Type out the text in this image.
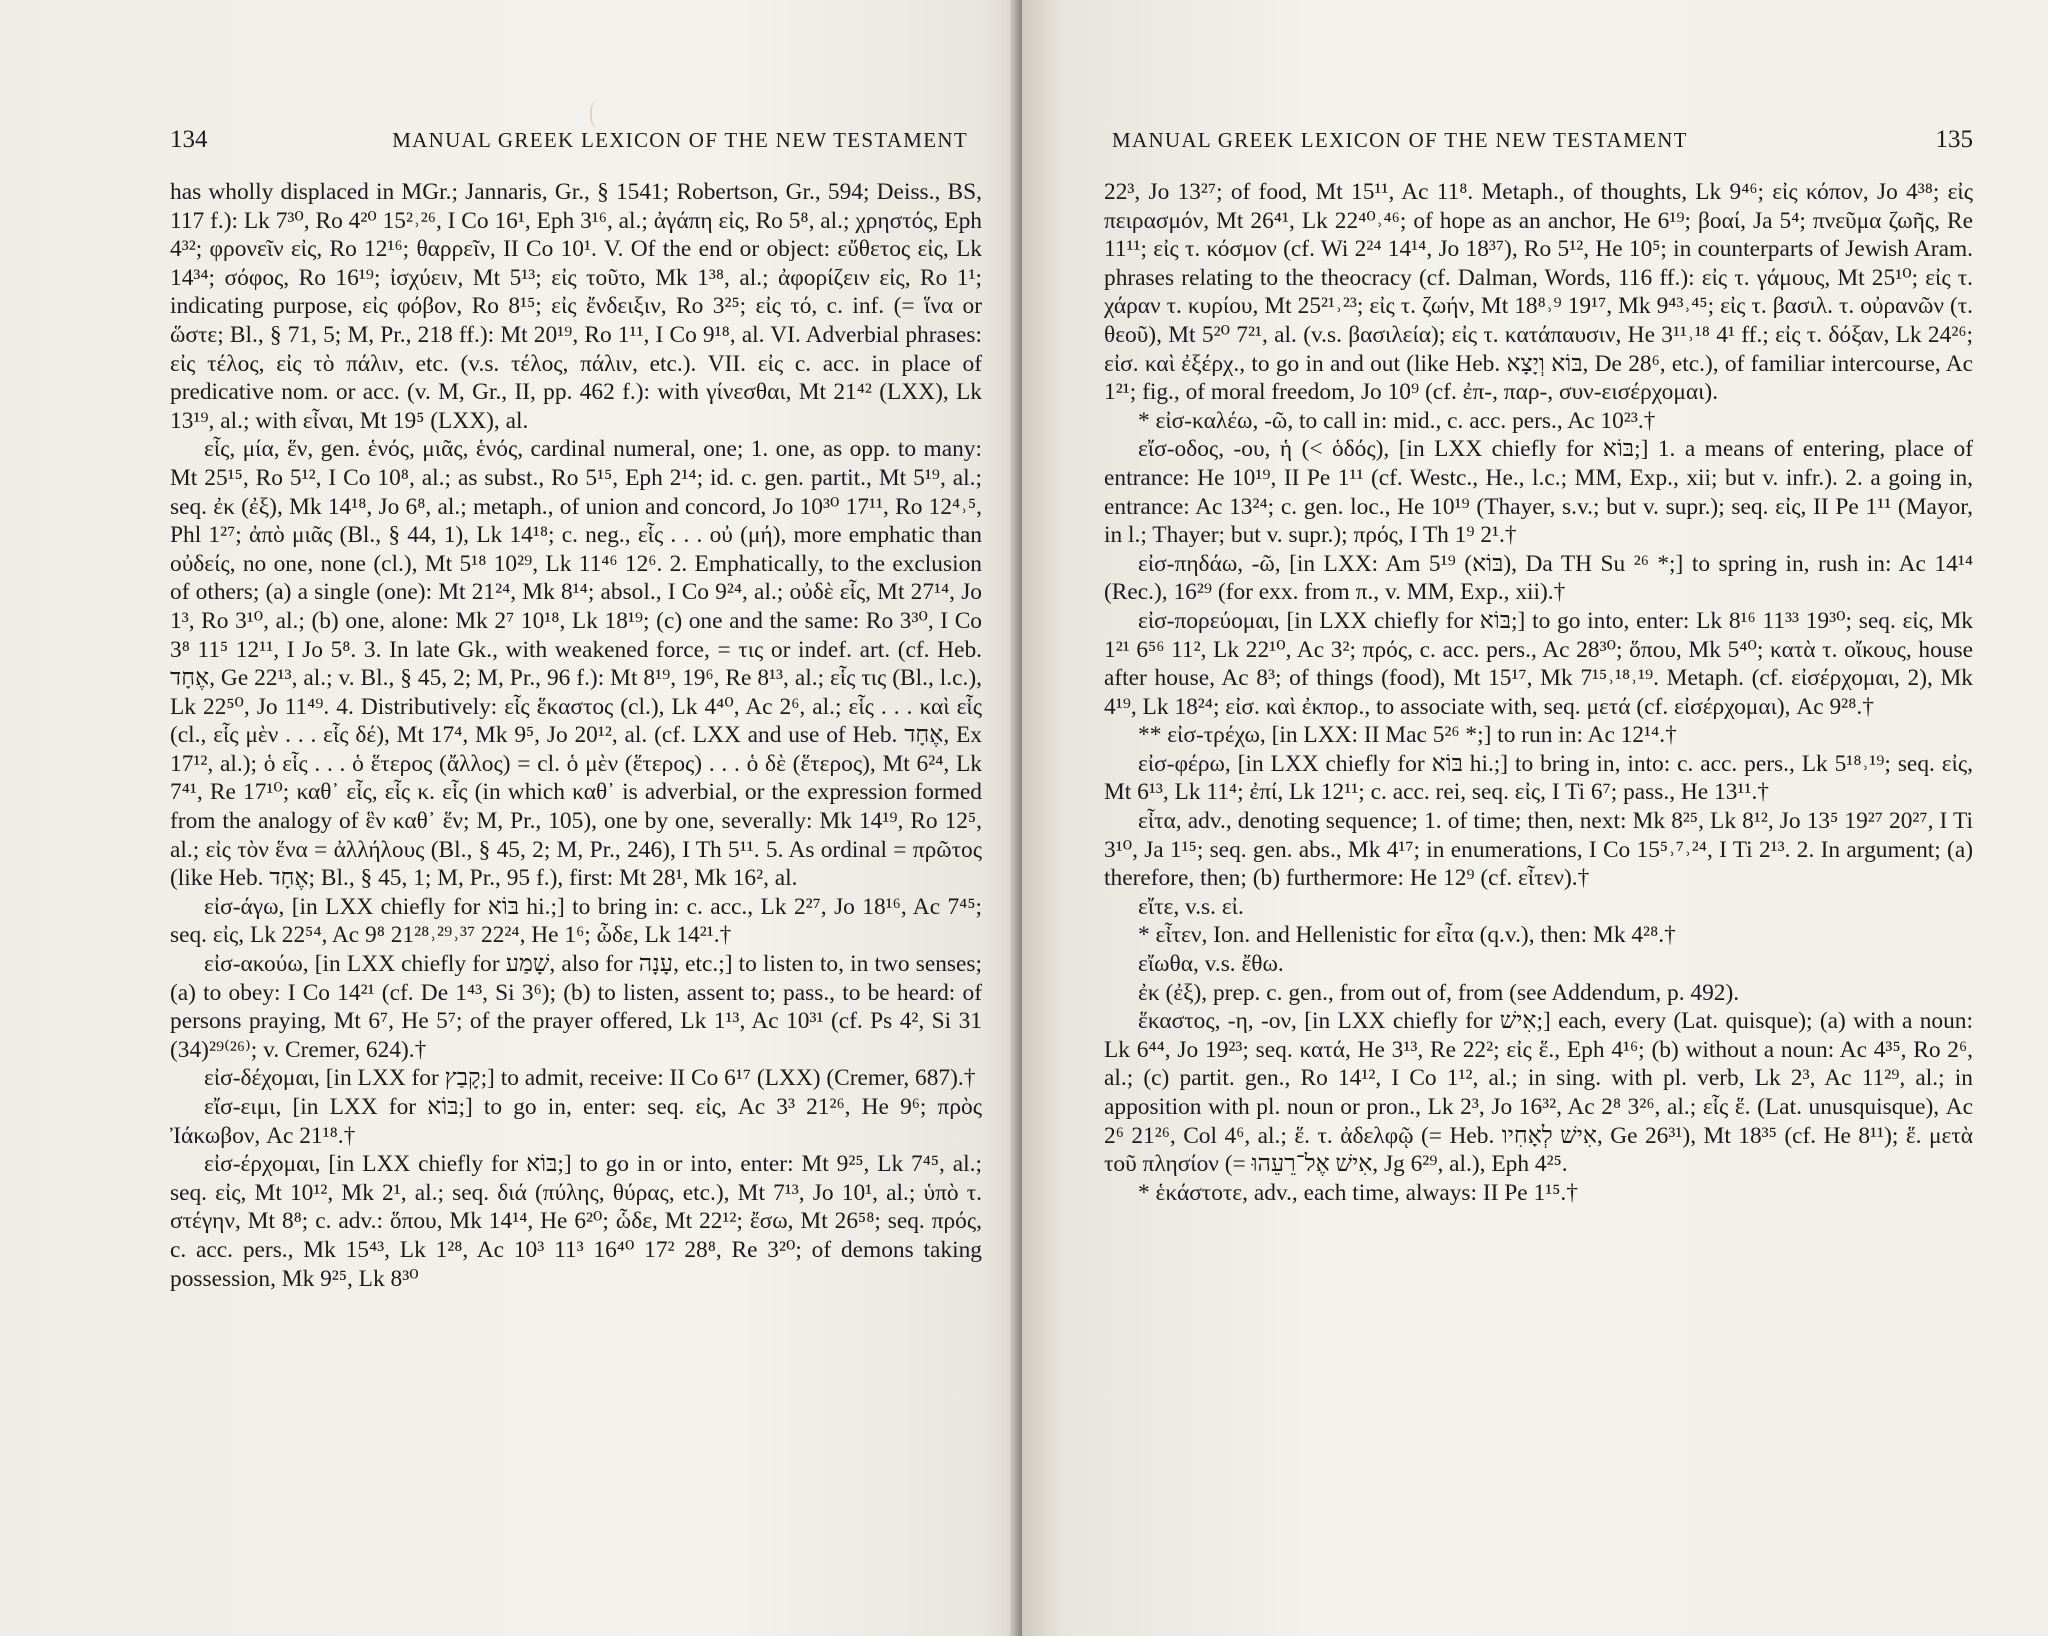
134	MANUAL GREEK LEXICON OF THE NEW TESTAMENT

has wholly displaced in MGr.; Jannaris, Gr., § 1541; Robertson, Gr., 594; Deiss., BS, 117 f.): Lk 7³⁰, Ro 4²⁰ 15²˒²⁶, I Co 16¹, Eph 3¹⁶, al.; ἀγάπη εἰς, Ro 5⁸, al.; χρηστός, Eph 4³²; φρονεῖν εἰς, Ro 12¹⁶; θαρρεῖν, II Co 10¹. V. Of the end or object: εὔθετος εἰς, Lk 14³⁴; σόφος, Ro 16¹⁹; ἰσχύειν, Mt 5¹³; εἰς τοῦτο, Mk 1³⁸, al.; ἀφορίζειν εἰς, Ro 1¹; indicating purpose, εἰς φόβον, Ro 8¹⁵; εἰς ἔνδειξιν, Ro 3²⁵; εἰς τό, c. inf. (= ἵνα or ὥστε; Bl., § 71, 5; M, Pr., 218 ff.): Mt 20¹⁹, Ro 1¹¹, I Co 9¹⁸, al. VI. Adverbial phrases: εἰς τέλος, εἰς τὸ πάλιν, etc. (v.s. τέλος, πάλιν, etc.). VII. εἰς c. acc. in place of predicative nom. or acc. (v. M, Gr., II, pp. 462 f.): with γίνεσθαι, Mt 21⁴² (LXX), Lk 13¹⁹, al.; with εἶναι, Mt 19⁵ (LXX), al.

εἷς, μία, ἕν, gen. ἑνός, μιᾶς, ἑνός, cardinal numeral, one; 1. one, as opp. to many: Mt 25¹⁵, Ro 5¹², I Co 10⁸, al.; as subst., Ro 5¹⁵, Eph 2¹⁴; id. c. gen. partit., Mt 5¹⁹, al.; seq. ἐκ (ἐξ), Mk 14¹⁸, Jo 6⁸, al.; metaph., of union and concord, Jo 10³⁰ 17¹¹, Ro 12⁴˒⁵, Phl 1²⁷; ἀπὸ μιᾶς (Bl., § 44, 1), Lk 14¹⁸; c. neg., εἷς . . . οὐ (μή), more emphatic than οὐδείς, no one, none (cl.), Mt 5¹⁸ 10²⁹, Lk 11⁴⁶ 12⁶. 2. Emphatically, to the exclusion of others; (a) a single (one): Mt 21²⁴, Mk 8¹⁴; absol., I Co 9²⁴, al.; οὐδὲ εἷς, Mt 27¹⁴, Jo 1³, Ro 3¹⁰, al.; (b) one, alone: Mk 2⁷ 10¹⁸, Lk 18¹⁹; (c) one and the same: Ro 3³⁰, I Co 3⁸ 11⁵ 12¹¹, I Jo 5⁸. 3. In late Gk., with weakened force, = τις or indef. art. (cf. Heb. אֶחָד, Ge 22¹³, al.; v. Bl., § 45, 2; M, Pr., 96 f.): Mt 8¹⁹, 19⁶, Re 8¹³, al.; εἷς τις (Bl., l.c.), Lk 22⁵⁰, Jo 11⁴⁹. 4. Distributively: εἷς ἕκαστος (cl.), Lk 4⁴⁰, Ac 2⁶, al.; εἷς . . . καὶ εἷς (cl., εἷς μὲν . . . εἷς δέ), Mt 17⁴, Mk 9⁵, Jo 20¹², al. (cf. LXX and use of Heb. אֶחָד, Ex 17¹², al.); ὁ εἷς . . . ὁ ἕτερος (ἄλλος) = cl. ὁ μὲν (ἕτερος) . . . ὁ δὲ (ἕτερος), Mt 6²⁴, Lk 7⁴¹, Re 17¹⁰; καθ᾽ εἷς, εἷς κ. εἷς (in which καθ᾽ is adverbial, or the expression formed from the analogy of ἓν καθ᾽ ἕν; M, Pr., 105), one by one, severally: Mk 14¹⁹, Ro 12⁵, al.; εἰς τὸν ἕνα = ἀλλήλους (Bl., § 45, 2; M, Pr., 246), I Th 5¹¹. 5. As ordinal = πρῶτος (like Heb. אֶחָד; Bl., § 45, 1; M, Pr., 95 f.), first: Mt 28¹, Mk 16², al.

εἰσ-άγω, [in LXX chiefly for בּוֹא hi.;] to bring in: c. acc., Lk 2²⁷, Jo 18¹⁶, Ac 7⁴⁵; seq. εἰς, Lk 22⁵⁴, Ac 9⁸ 21²⁸˒²⁹˒³⁷ 22²⁴, He 1⁶; ὧδε, Lk 14²¹.†

εἰσ-ακούω, [in LXX chiefly for שָׁמַע, also for עָנָה, etc.;] to listen to, in two senses; (a) to obey: I Co 14²¹ (cf. De 1⁴³, Si 3⁶); (b) to listen, assent to; pass., to be heard: of persons praying, Mt 6⁷, He 5⁷; of the prayer offered, Lk 1¹³, Ac 10³¹ (cf. Ps 4², Si 31 (34)²⁹⁽²⁶⁾; v. Cremer, 624).†

εἰσ-δέχομαι, [in LXX for קָבַץ;] to admit, receive: II Co 6¹⁷ (LXX) (Cremer, 687).†

εἴσ-ειμι, [in LXX for בּוֹא;] to go in, enter: seq. εἰς, Ac 3³ 21²⁶, He 9⁶; πρὸς Ἰάκωβον, Ac 21¹⁸.†

εἰσ-έρχομαι, [in LXX chiefly for בּוֹא;] to go in or into, enter: Mt 9²⁵, Lk 7⁴⁵, al.; seq. εἰς, Mt 10¹², Mk 2¹, al.; seq. διά (πύλης, θύρας, etc.), Mt 7¹³, Jo 10¹, al.; ὑπὸ τ. στέγην, Mt 8⁸; c. adv.: ὅπου, Mk 14¹⁴, He 6²⁰; ὧδε, Mt 22¹²; ἔσω, Mt 26⁵⁸; seq. πρός, c. acc. pers., Mk 15⁴³, Lk 1²⁸, Ac 10³ 11³ 16⁴⁰ 17² 28⁸, Re 3²⁰; of demons taking possession, Mk 9²⁵, Lk 8³⁰

MANUAL GREEK LEXICON OF THE NEW TESTAMENT	135

22³, Jo 13²⁷; of food, Mt 15¹¹, Ac 11⁸. Metaph., of thoughts, Lk 9⁴⁶; εἰς κόπον, Jo 4³⁸; εἰς πειρασμόν, Mt 26⁴¹, Lk 22⁴⁰˒⁴⁶; of hope as an anchor, He 6¹⁹; βοαί, Ja 5⁴; πνεῦμα ζωῆς, Re 11¹¹; εἰς τ. κόσμον (cf. Wi 2²⁴ 14¹⁴, Jo 18³⁷), Ro 5¹², He 10⁵; in counterparts of Jewish Aram. phrases relating to the theocracy (cf. Dalman, Words, 116 ff.): εἰς τ. γάμους, Mt 25¹⁰; εἰς τ. χάραν τ. κυρίου, Mt 25²¹˒²³; εἰς τ. ζωήν, Mt 18⁸˒⁹ 19¹⁷, Mk 9⁴³˒⁴⁵; εἰς τ. βασιλ. τ. οὐρανῶν (τ. θεοῦ), Mt 5²⁰ 7²¹, al. (v.s. βασιλεία); εἰς τ. κατάπαυσιν, He 3¹¹˒¹⁸ 4¹ ff.; εἰς τ. δόξαν, Lk 24²⁶; εἰσ. καὶ ἐξέρχ., to go in and out (like Heb. בּוֹא וְיָצָא, De 28⁶, etc.), of familiar intercourse, Ac 1²¹; fig., of moral freedom, Jo 10⁹ (cf. ἐπ-, παρ-, συν-εισέρχομαι).

* εἰσ-καλέω, -ῶ, to call in: mid., c. acc. pers., Ac 10²³.†

εἴσ-οδος, -ου, ἡ (< ὁδός), [in LXX chiefly for בּוֹא;] 1. a means of entering, place of entrance: He 10¹⁹, II Pe 1¹¹ (cf. Westc., He., l.c.; MM, Exp., xii; but v. infr.). 2. a going in, entrance: Ac 13²⁴; c. gen. loc., He 10¹⁹ (Thayer, s.v.; but v. supr.); seq. εἰς, II Pe 1¹¹ (Mayor, in l.; Thayer; but v. supr.); πρός, I Th 1⁹ 2¹.†

εἰσ-πηδάω, -ῶ, [in LXX: Am 5¹⁹ (בּוֹא), Da TH Su ²⁶ *;] to spring in, rush in: Ac 14¹⁴ (Rec.), 16²⁹ (for exx. from π., v. MM, Exp., xii).†

εἰσ-πορεύομαι, [in LXX chiefly for בּוֹא;] to go into, enter: Lk 8¹⁶ 11³³ 19³⁰; seq. εἰς, Mk 1²¹ 6⁵⁶ 11², Lk 22¹⁰, Ac 3²; πρός, c. acc. pers., Ac 28³⁰; ὅπου, Mk 5⁴⁰; κατὰ τ. οἴκους, house after house, Ac 8³; of things (food), Mt 15¹⁷, Mk 7¹⁵˒¹⁸˒¹⁹. Metaph. (cf. εἰσέρχομαι, 2), Mk 4¹⁹, Lk 18²⁴; εἰσ. καὶ ἐκπορ., to associate with, seq. μετά (cf. εἰσέρχομαι), Ac 9²⁸.†

** εἰσ-τρέχω, [in LXX: II Mac 5²⁶ *;] to run in: Ac 12¹⁴.†

εἰσ-φέρω, [in LXX chiefly for בּוֹא hi.;] to bring in, into: c. acc. pers., Lk 5¹⁸˒¹⁹; seq. εἰς, Mt 6¹³, Lk 11⁴; ἐπί, Lk 12¹¹; c. acc. rei, seq. εἰς, I Ti 6⁷; pass., He 13¹¹.†

εἶτα, adv., denoting sequence; 1. of time; then, next: Mk 8²⁵, Lk 8¹², Jo 13⁵ 19²⁷ 20²⁷, I Ti 3¹⁰, Ja 1¹⁵; seq. gen. abs., Mk 4¹⁷; in enumerations, I Co 15⁵˒⁷˒²⁴, I Ti 2¹³. 2. In argument; (a) therefore, then; (b) furthermore: He 12⁹ (cf. εἶτεν).†

εἴτε, v.s. εἰ.

* εἶτεν, Ion. and Hellenistic for εἶτα (q.v.), then: Mk 4²⁸.†

εἴωθα, v.s. ἔθω.

ἐκ (ἐξ), prep. c. gen., from out of, from (see Addendum, p. 492).

ἕκαστος, -η, -ον, [in LXX chiefly for אִישׁ;] each, every (Lat. quisque); (a) with a noun: Lk 6⁴⁴, Jo 19²³; seq. κατά, He 3¹³, Re 22²; εἰς ἕ., Eph 4¹⁶; (b) without a noun: Ac 4³⁵, Ro 2⁶, al.; (c) partit. gen., Ro 14¹², I Co 1¹², al.; in sing. with pl. verb, Lk 2³, Ac 11²⁹, al.; in apposition with pl. noun or pron., Lk 2³, Jo 16³², Ac 2⁸ 3²⁶, al.; εἷς ἕ. (Lat. unusquisque), Ac 2⁶ 21²⁶, Col 4⁶, al.; ἕ. τ. ἀδελφῷ (= Heb. אִישׁ לְאָחִיו, Ge 26³¹), Mt 18³⁵ (cf. He 8¹¹); ἕ. μετὰ τοῦ πλησίον (= אִישׁ אֶל־רֵעֵהוּ, Jg 6²⁹, al.), Eph 4²⁵.

* ἑκάστοτε, adv., each time, always: II Pe 1¹⁵.†
